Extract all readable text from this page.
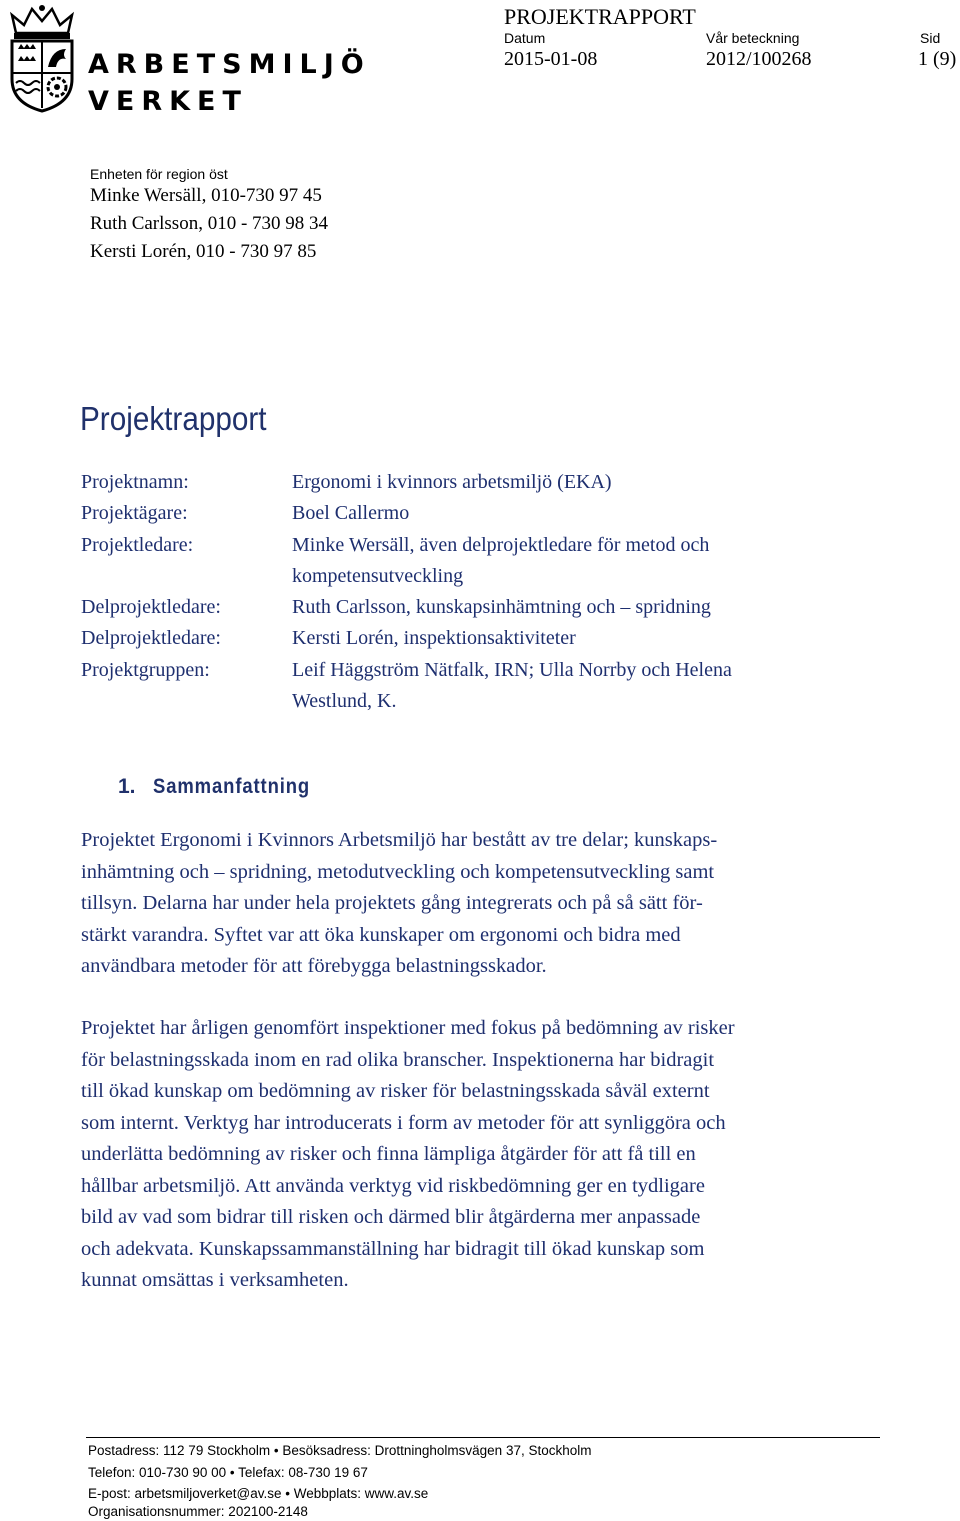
ARBETSMILJÖ
VERKET
PROJEKTRAPPORT
Datum
2015-01-08
Vår beteckning
2012/100268
Sid
1 (9)
Enheten för region öst
Minke Wersäll, 010-730 97 45
Ruth Carlsson, 010 - 730 98 34
Kersti Lorén, 010 - 730 97 85
Projektrapport
Projektnamn:	Ergonomi i kvinnors arbetsmiljö (EKA)
Projektägare:	Boel Callermo
Projektledare:	Minke Wersäll, även delprojektledare för metod och
kompetensutveckling
Delprojektledare:	Ruth Carlsson, kunskapsinhämtning och – spridning
Delprojektledare:	Kersti Lorén, inspektionsaktiviteter
Projektgruppen:	Leif Häggström Nätfalk, IRN; Ulla Norrby och Helena
Westlund, K.
1. Sammanfattning
Projektet Ergonomi i Kvinnors Arbetsmiljö har bestått av tre delar; kunskaps-
inhämtning och – spridning, metodutveckling och kompetensutveckling samt
tillsyn. Delarna har under hela projektets gång integrerats och på så sätt för-
stärkt varandra. Syftet var att öka kunskaper om ergonomi och bidra med
användbara metoder för att förebygga belastningsskador.
Projektet har årligen genomfört inspektioner med fokus på bedömning av risker
för belastningsskada inom en rad olika branscher. Inspektionerna har bidragit
till ökad kunskap om bedömning av risker för belastningsskada såväl externt
som internt. Verktyg har introducerats i form av metoder för att synliggöra och
underlätta bedömning av risker och finna lämpliga åtgärder för att få till en
hållbar arbetsmiljö. Att använda verktyg vid riskbedömning ger en tydligare
bild av vad som bidrar till risken och därmed blir åtgärderna mer anpassade
och adekvata. Kunskapssammanställning har bidragit till ökad kunskap som
kunnat omsättas i verksamheten.
Postadress: 112 79 Stockholm • Besöksadress: Drottningholmsvägen 37, Stockholm
Telefon: 010-730 90 00 • Telefax: 08-730 19 67
E-post: arbetsmiljoverket@av.se • Webbplats: www.av.se
Organisationsnummer: 202100-2148
